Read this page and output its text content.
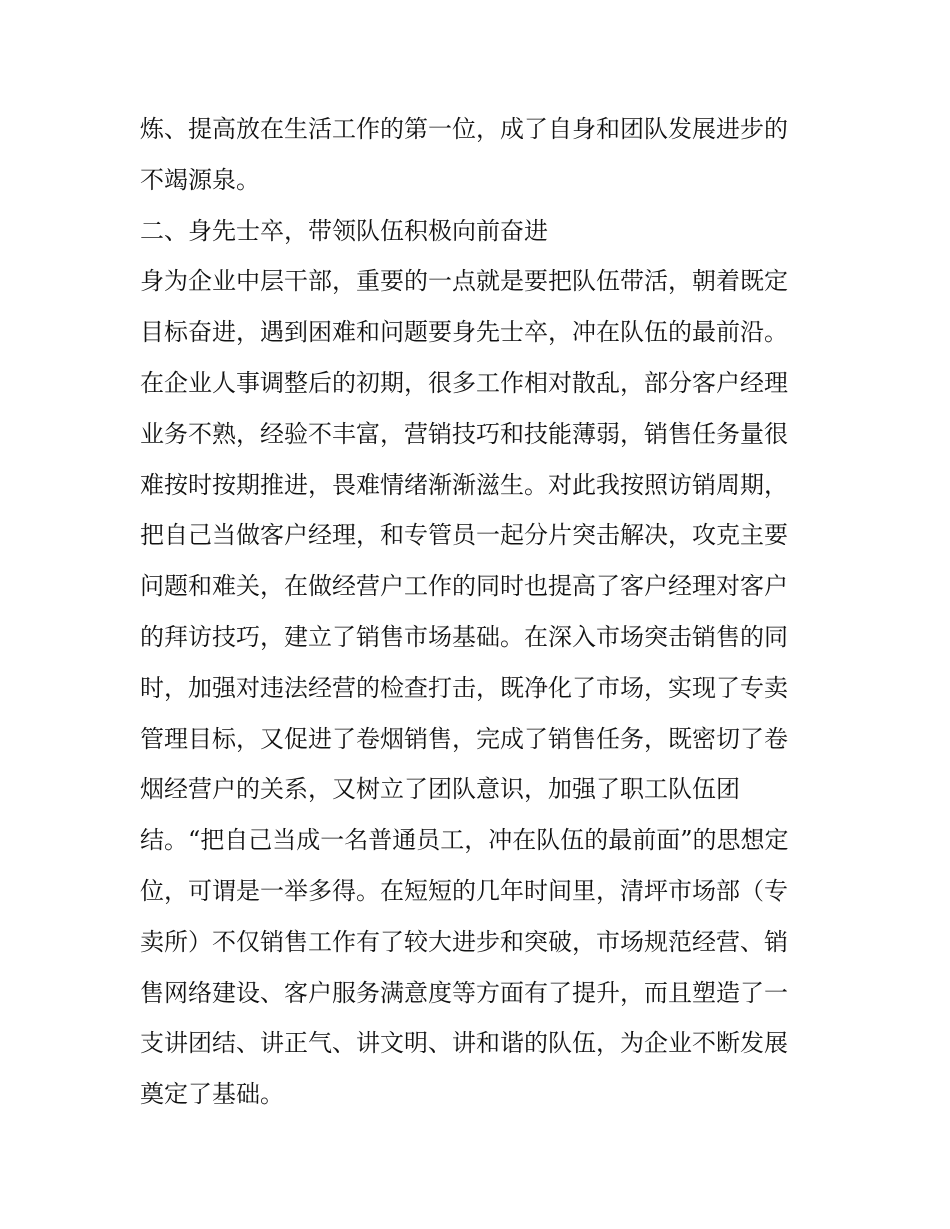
炼、提高放在生活工作的第一位，成了自身和团队发展进步的

不竭源泉。

二、身先士卒，带领队伍积极向前奋进

身为企业中层干部，重要的一点就是要把队伍带活，朝着既定

目标奋进，遇到困难和问题要身先士卒，冲在队伍的最前沿。

在企业人事调整后的初期，很多工作相对散乱，部分客户经理

业务不熟，经验不丰富，营销技巧和技能薄弱，销售任务量很

难按时按期推进，畏难情绪渐渐滋生。对此我按照访销周期，

把自己当做客户经理，和专管员一起分片突击解决，攻克主要

问题和难关，在做经营户工作的同时也提高了客户经理对客户

的拜访技巧，建立了销售市场基础。在深入市场突击销售的同

时，加强对违法经营的检查打击，既净化了市场，实现了专卖

管理目标，又促进了卷烟销售，完成了销售任务，既密切了卷

烟经营户的关系，又树立了团队意识，加强了职工队伍团

结。“把自己当成一名普通员工，冲在队伍的最前面”的思想定

位，可谓是一举多得。在短短的几年时间里，清坪市场部（专

卖所）不仅销售工作有了较大进步和突破，市场规范经营、销

售网络建设、客户服务满意度等方面有了提升，而且塑造了一

支讲团结、讲正气、讲文明、讲和谐的队伍，为企业不断发展

奠定了基础。
